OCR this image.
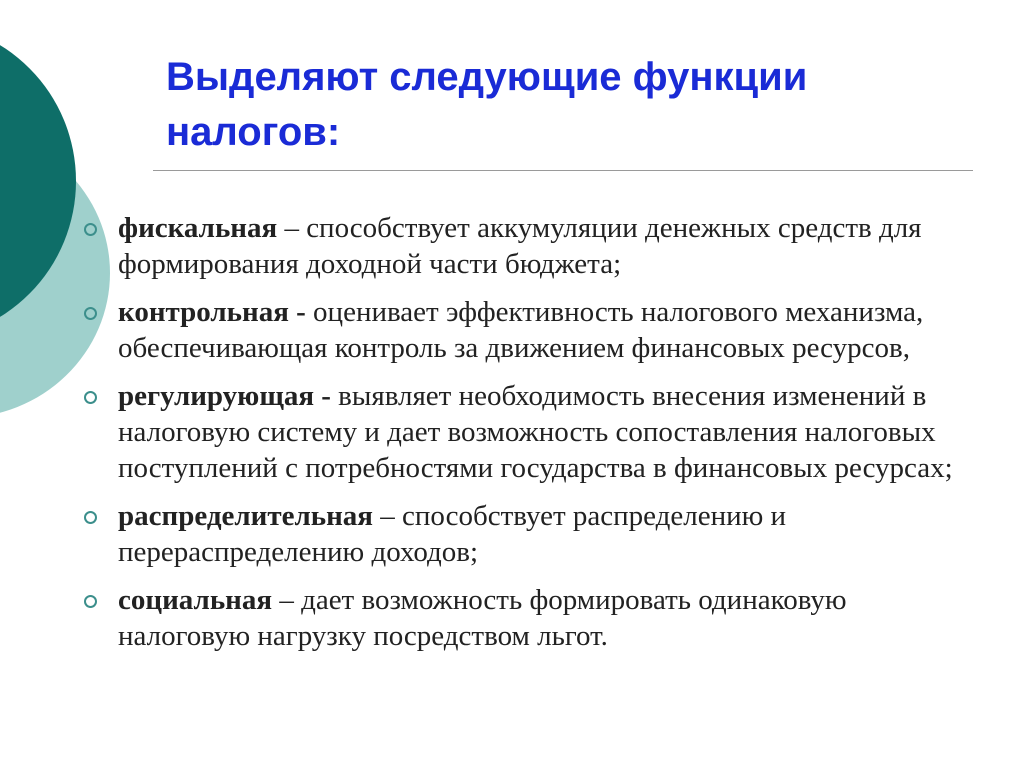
Выделяют следующие функции налогов:
фискальная – способствует аккумуляции денежных средств для формирования доходной части бюджета;
контрольная - оценивает эффективность налогового механизма, обеспечивающая контроль за движением финансовых ресурсов,
регулирующая - выявляет необходимость внесения изменений в налоговую систему и дает возможность сопоставления налоговых поступлений с потребностями государства в финансовых ресурсах;
распределительная – способствует распределению и перераспределению доходов;
социальная – дает возможность формировать одинаковую налоговую нагрузку посредством льгот.
